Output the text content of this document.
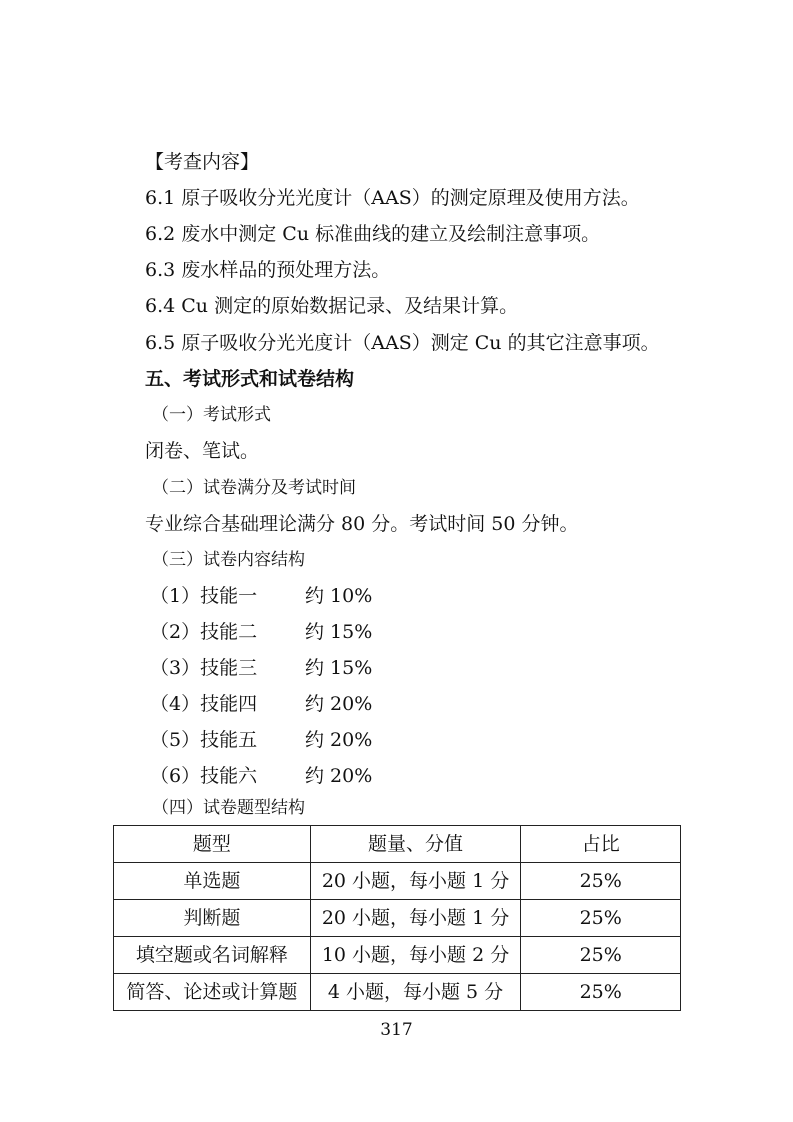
【考查内容】
6.1 原子吸收分光光度计（AAS）的测定原理及使用方法。
6.2 废水中测定 Cu 标准曲线的建立及绘制注意事项。
6.3 废水样品的预处理方法。
6.4 Cu 测定的原始数据记录、及结果计算。
6.5 原子吸收分光光度计（AAS）测定 Cu 的其它注意事项。
五、考试形式和试卷结构
（一）考试形式
闭卷、笔试。
（二）试卷满分及考试时间
专业综合基础理论满分 80 分。考试时间 50 分钟。
（三）试卷内容结构
（1）技能一	约 10%
（2）技能二	约 15%
（3）技能三	约 15%
（4）技能四	约 20%
（5）技能五	约 20%
（6）技能六	约 20%
（四）试卷题型结构
题型	题量、分值	占比
单选题	20 小题，每小题 1 分	25%
判断题	20 小题，每小题 1 分	25%
填空题或名词解释	10 小题，每小题 2 分	25%
简答、论述或计算题	4 小题，每小题 5 分	25%
317
